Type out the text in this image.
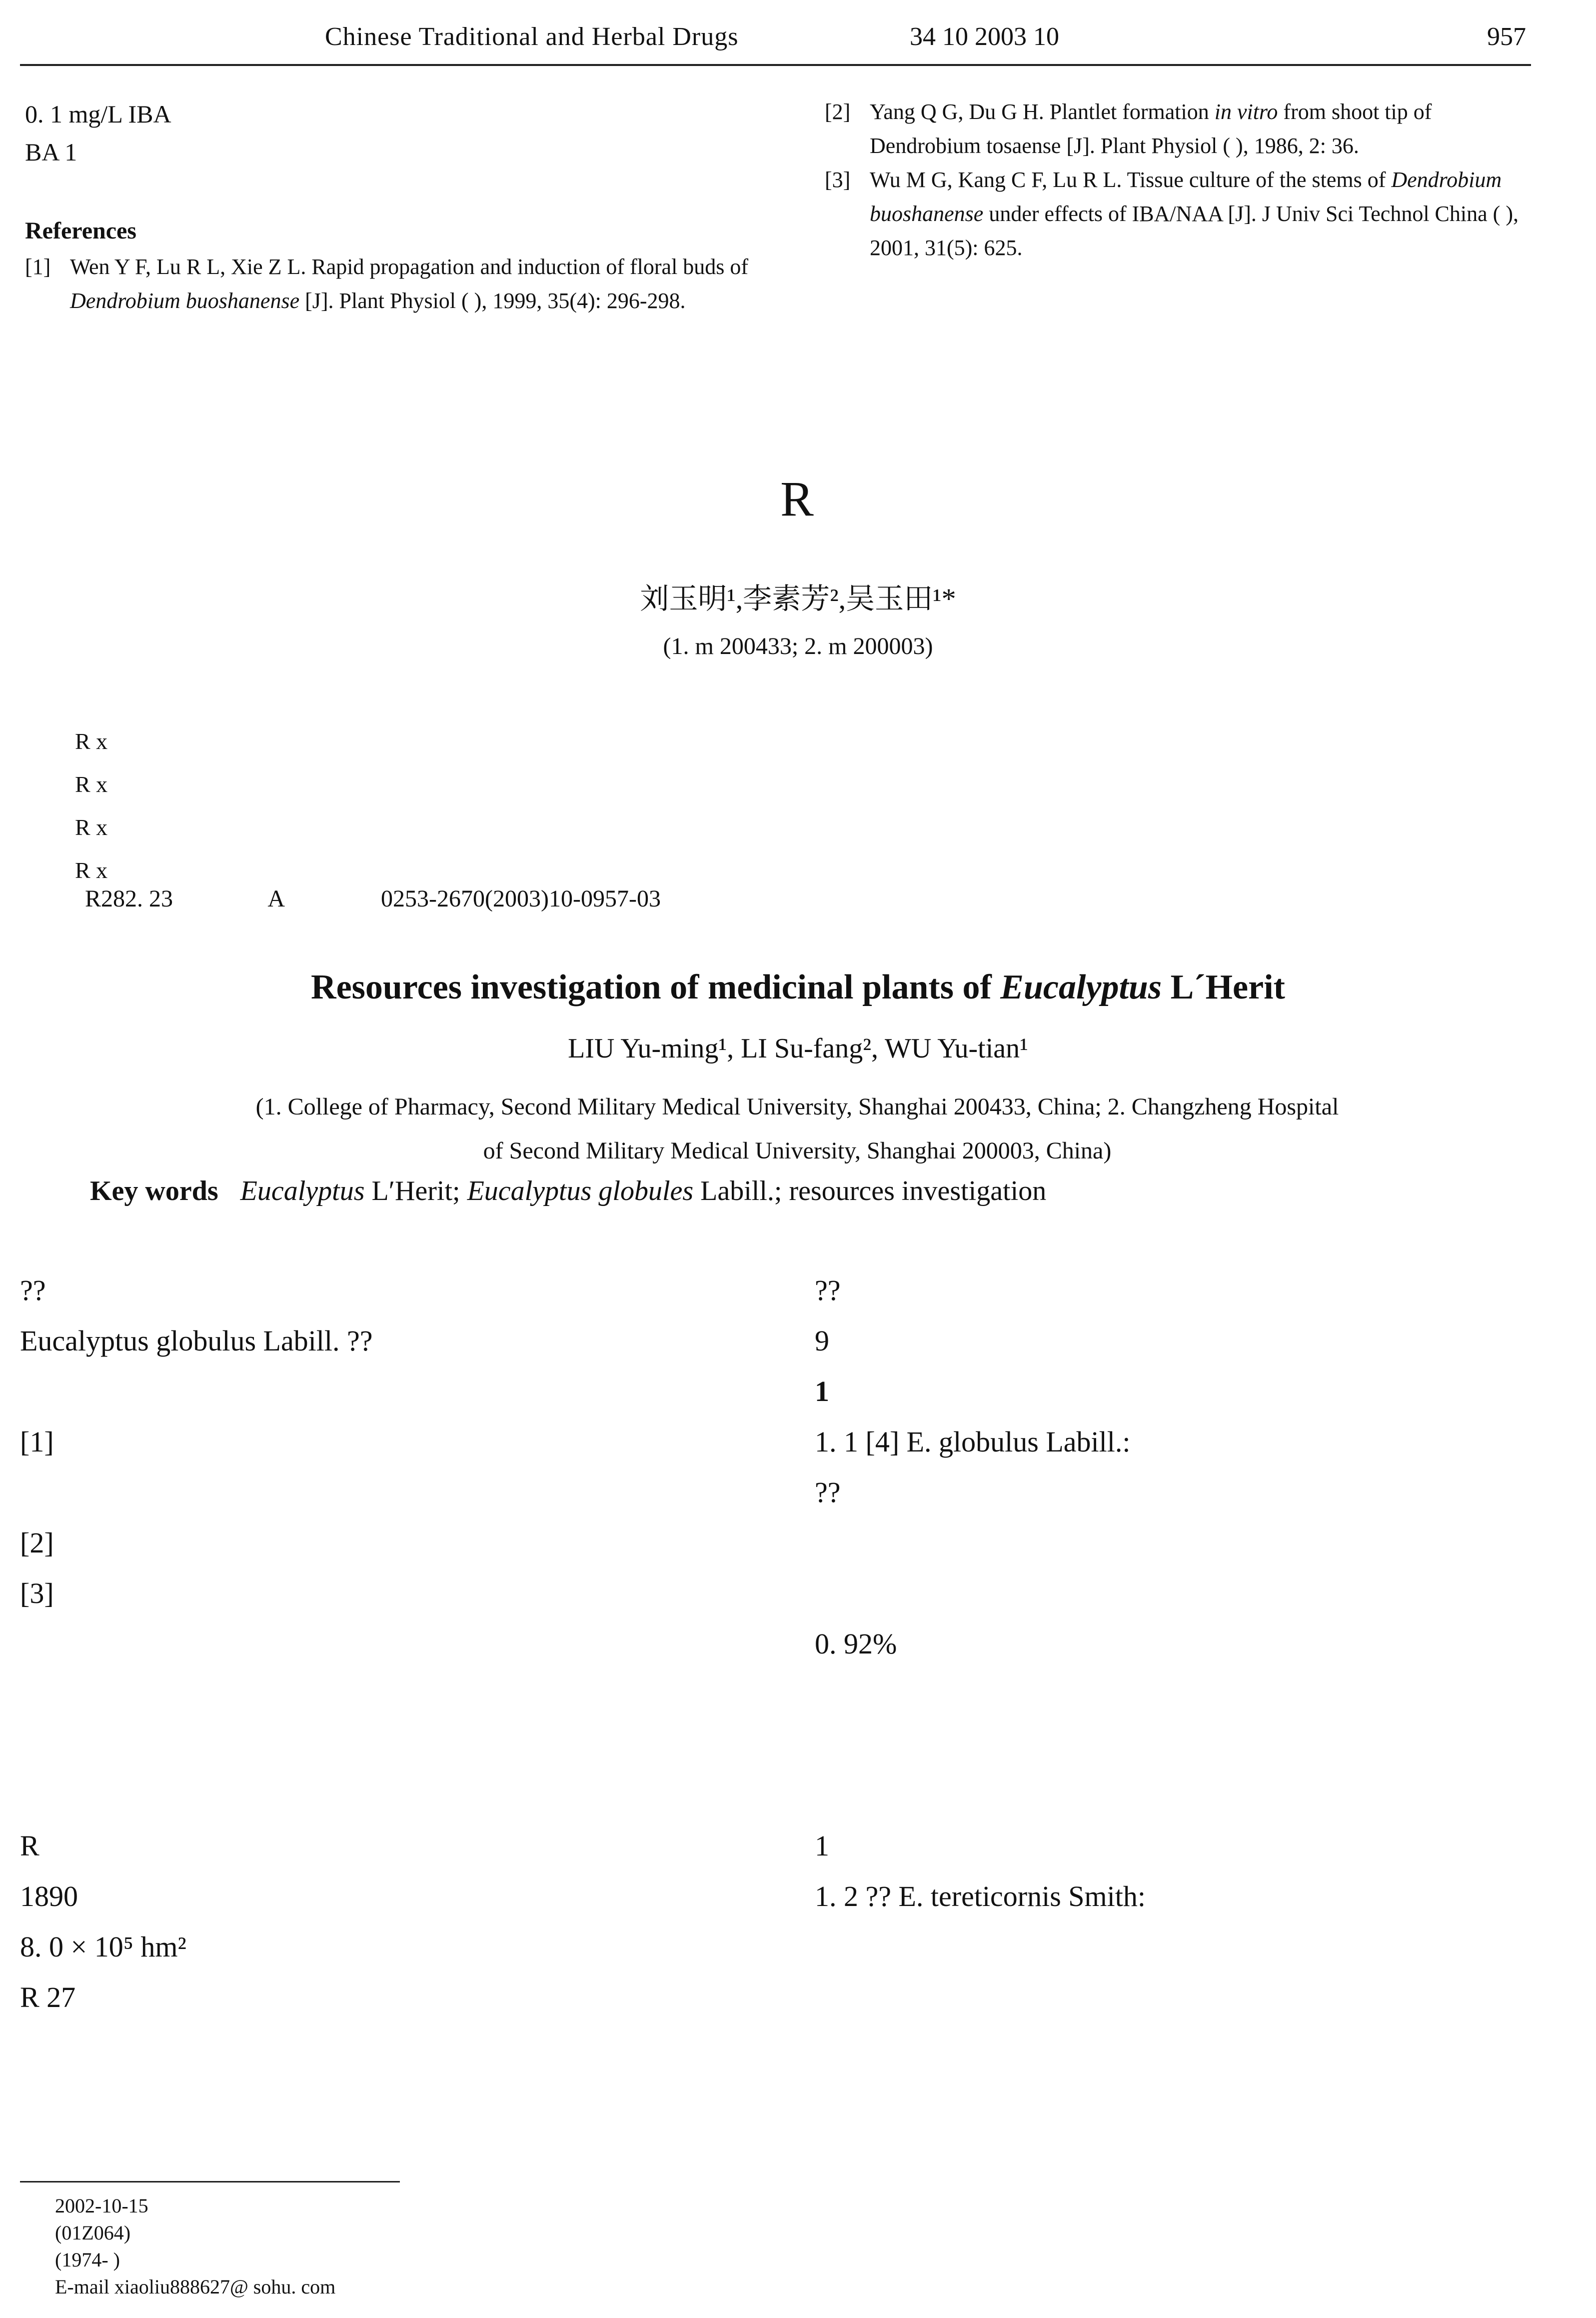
Chinese Traditional and Herbal Drugs	34 10 2003 10	957
0. 1 mg/L IBA
BA 1

References
[1] Wen Y F, Lu R L, Xie Z L. Rapid propagation and induction of floral buds of Dendrobium buoshanense [J]. Plant Physiol ( ), 1999, 35(4): 296-298.
[2] Yang Q G, Du G H. Plantlet formation in vitro from shoot tip of Dendrobium tosaense [J]. Plant Physiol ( ), 1986, 2: 36.
[3] Wu M G, Kang C F, Lu R L. Tissue culture of the stems of Dendrobium buoshanense under effects of IBA/NAA [J]. J Univ Sci Technol China ( ), 2001, 31(5): 625.
R
刘玉明¹,李素芳²,吴玉田¹*
(1. m 200433; 2. m 200003)
R x
R x
R x
R x
R282. 23	A	0253-2670(2003)10-0957-03
Resources investigation of medicinal plants of Eucalyptus L´Herit
LIU Yu-ming¹, LI Su-fang², WU Yu-tian¹
(1. College of Pharmacy, Second Military Medical University, Shanghai 200433, China; 2. Changzheng Hospital
of Second Military Medical University, Shanghai 200003, China)
Key words Eucalyptus L′Herit; Eucalyptus globules Labill.; resources investigation
??
Eucalyptus globulus Labill. ??

[1]

[2]
[3]

R
1890
8. 0 × 10⁵ hm²
R 27

??
9
1
1. 1 [4] E. globulus Labill.:
??

0. 92%

1
1. 2 ?? E. tereticornis Smith:

2002-10-15
(01Z064)
(1974- )
E-mail xiaoliu888627@ sohu. com
